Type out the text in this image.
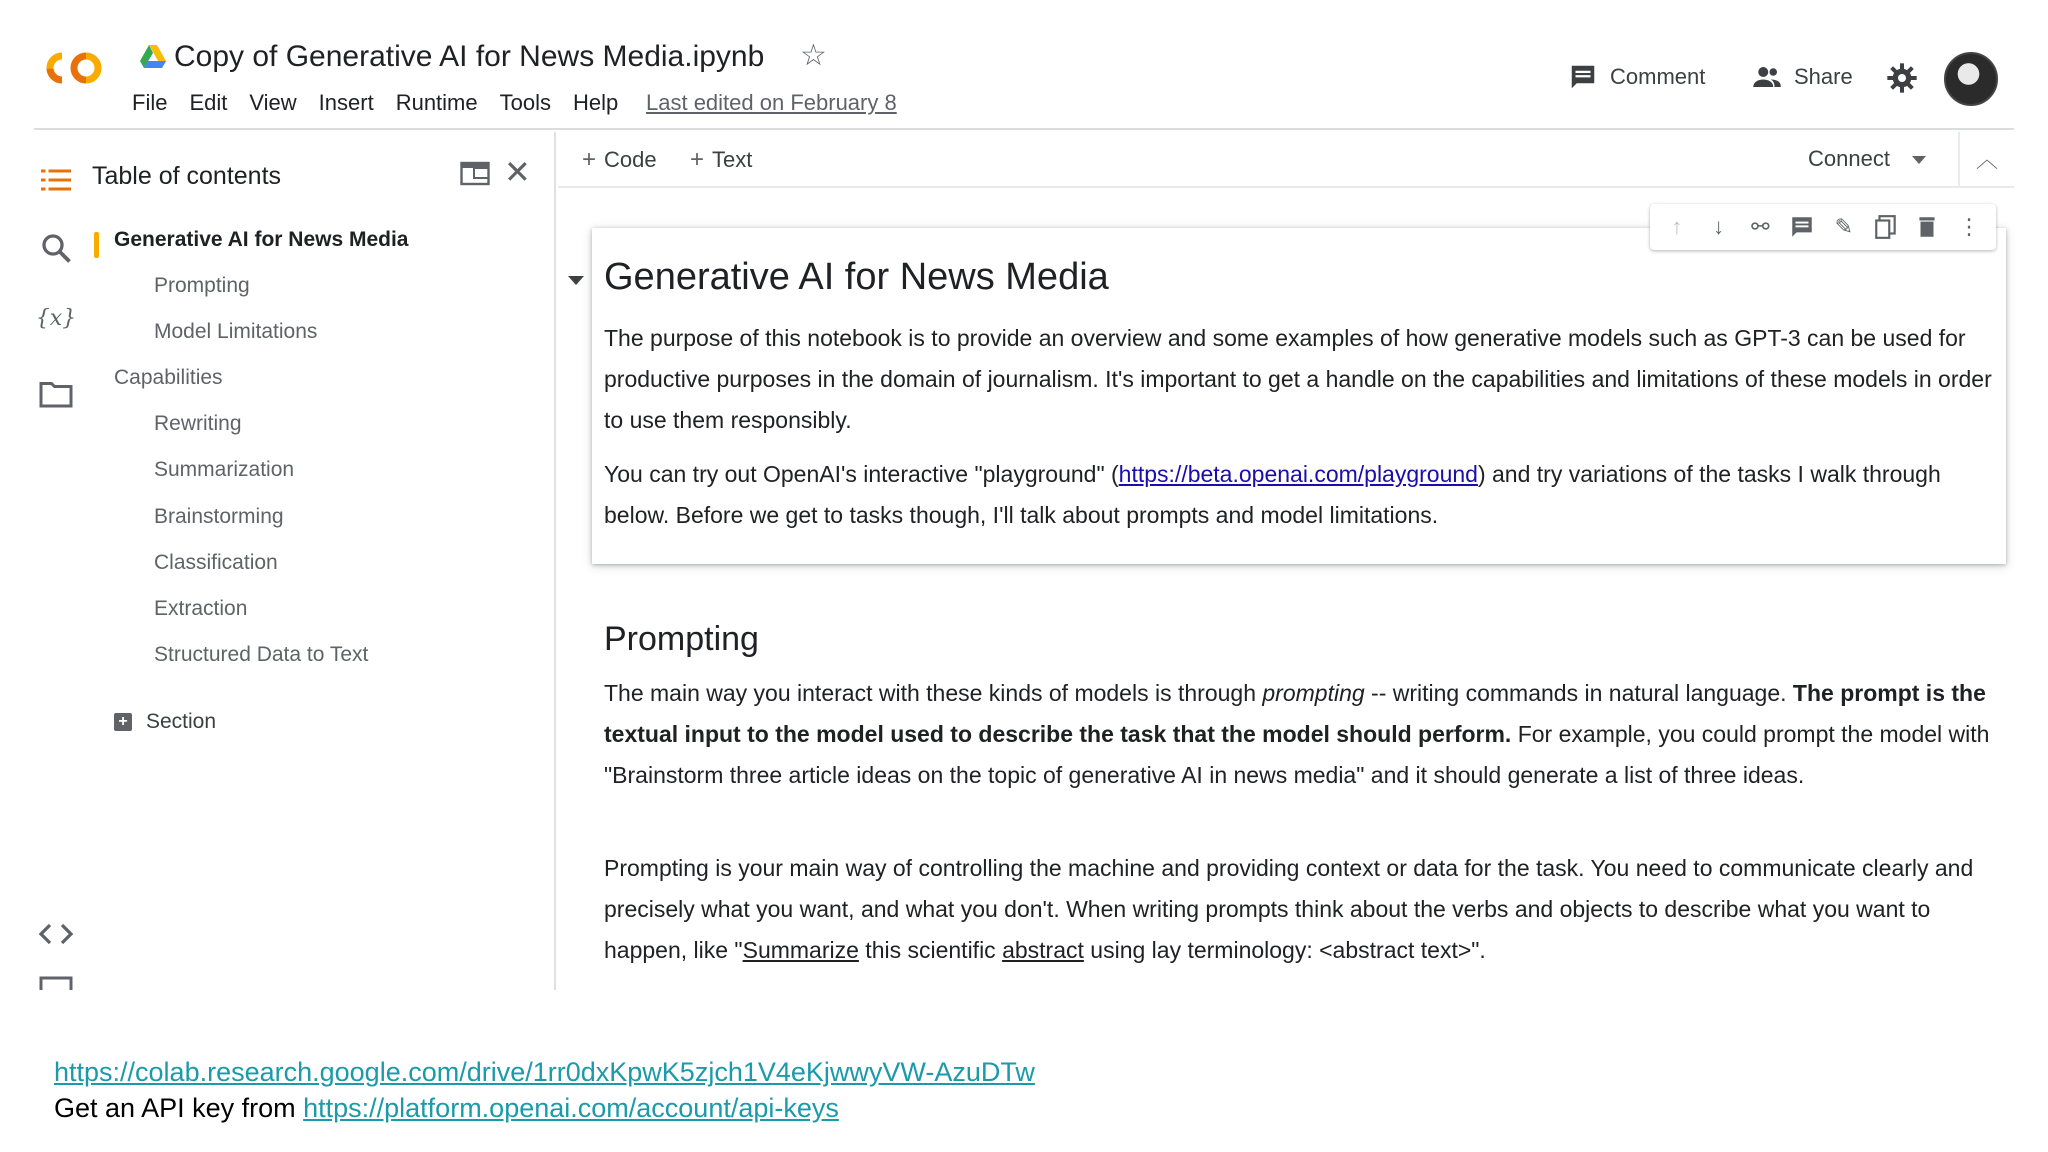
Copy of Generative AI for News Media.ipynb ☆
File Edit View Insert Runtime Tools Help Last edited on February 8
Comment	Share
{x}
Table of contents	✕
Generative AI for News Media
Prompting
Model Limitations
Capabilities
Rewriting
Summarization
Brainstorming
Classification
Extraction
Structured Data to Text
+ Section
+ Code + Text	Connect	︿
↑	↓	⚯	✎	⋮
Generative AI for News Media

The purpose of this notebook is to provide an overview and some examples of how generative models such as GPT-3 can be used for productive purposes in the domain of journalism. It's important to get a handle on the capabilities and limitations of these models in order to use them responsibly.

You can try out OpenAI's interactive "playground" (https://beta.openai.com/playground) and try variations of the tasks I walk through below. Before we get to tasks though, I'll talk about prompts and model limitations.

Prompting

The main way you interact with these kinds of models is through prompting -- writing commands in natural language. The prompt is the textual input to the model used to describe the task that the model should perform. For example, you could prompt the model with "Brainstorm three article ideas on the topic of generative AI in news media" and it should generate a list of three ideas.

Prompting is your main way of controlling the machine and providing context or data for the task. You need to communicate clearly and precisely what you want, and what you don't. When writing prompts think about the verbs and objects to describe what you want to happen, like "Summarize this scientific abstract using lay terminology: <abstract text>".

https://colab.research.google.com/drive/1rr0dxKpwK5zjch1V4eKjwwyVW-AzuDTw
Get an API key from https://platform.openai.com/account/api-keys
